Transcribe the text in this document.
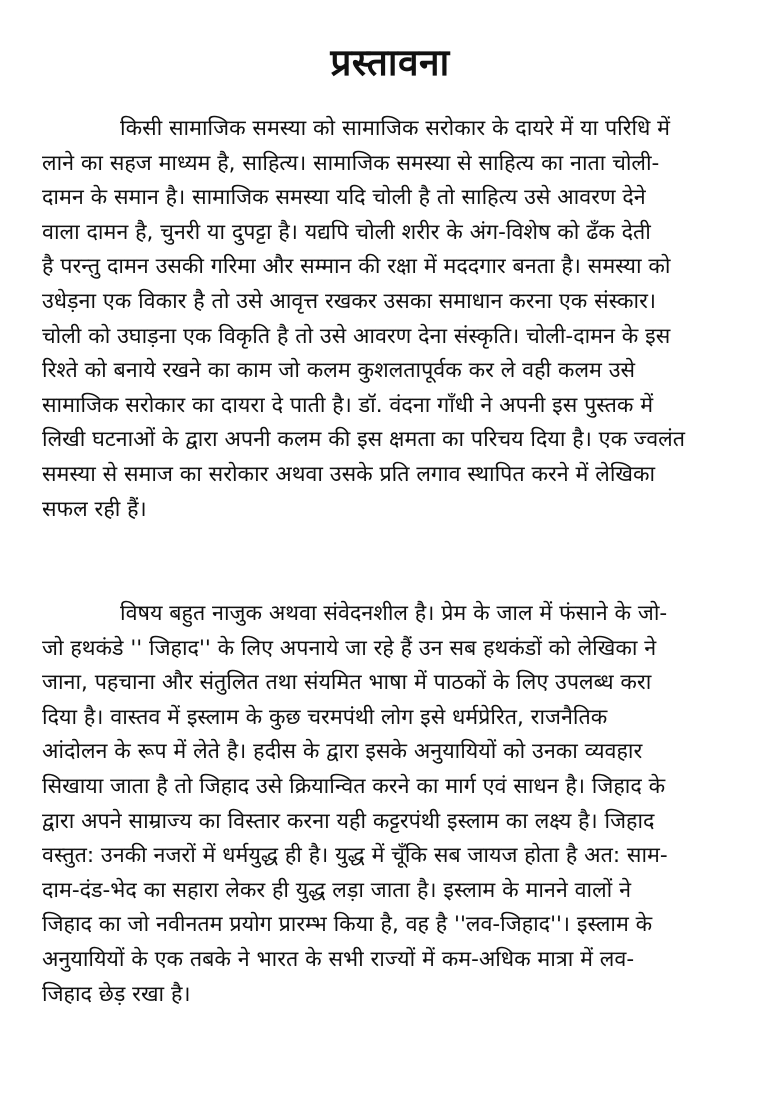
प्रस्तावना

किसी सामाजिक समस्या को सामाजिक सरोकार के दायरे में या परिधि में
लाने का सहज माध्यम है, साहित्य। सामाजिक समस्या से साहित्य का नाता चोली-
दामन के समान है। सामाजिक समस्या यदि चोली है तो साहित्य उसे आवरण देने
वाला दामन है, चुनरी या दुपट्टा है। यद्यपि चोली शरीर के अंग-विशेष को ढँक देती
है परन्तु दामन उसकी गरिमा और सम्मान की रक्षा में मददगार बनता है। समस्या को
उधेड़ना एक विकार है तो उसे आवृत्त रखकर उसका समाधान करना एक संस्कार।
चोली को उघाड़ना एक विकृति है तो उसे आवरण देना संस्कृति। चोली-दामन के इस
रिश्ते को बनाये रखने का काम जो कलम कुशलतापूर्वक कर ले वही कलम उसे
सामाजिक सरोकार का दायरा दे पाती है। डॉ. वंदना गाँधी ने अपनी इस पुस्तक में
लिखी घटनाओं के द्वारा अपनी कलम की इस क्षमता का परिचय दिया है। एक ज्वलंत
समस्या से समाज का सरोकार अथवा उसके प्रति लगाव स्थापित करने में लेखिका
सफल रही हैं।

विषय बहुत नाजुक अथवा संवेदनशील है। प्रेम के जाल में फंसाने के जो-
जो हथकंडे '' जिहाद'' के लिए अपनाये जा रहे हैं उन सब हथकंडों को लेखिका ने
जाना, पहचाना और संतुलित तथा संयमित भाषा में पाठकों के लिए उपलब्ध करा
दिया है। वास्तव में इस्लाम के कुछ चरमपंथी लोग इसे धर्मप्रेरित, राजनैतिक
आंदोलन के रूप में लेते है। हदीस के द्वारा इसके अनुयायियों को उनका व्यवहार
सिखाया जाता है तो जिहाद उसे क्रियान्वित करने का मार्ग एवं साधन है। जिहाद के
द्वारा अपने साम्राज्य का विस्तार करना यही कट्टरपंथी इस्लाम का लक्ष्य है। जिहाद
वस्तुत: उनकी नजरों में धर्मयुद्ध ही है। युद्ध में चूँकि सब जायज होता है अत: साम-
दाम-दंड-भेद का सहारा लेकर ही युद्ध लड़ा जाता है। इस्लाम के मानने वालों ने
जिहाद का जो नवीनतम प्रयोग प्रारम्भ किया है, वह है ''लव-जिहाद''। इस्लाम के
अनुयायियों के एक तबके ने भारत के सभी राज्यों में कम-अधिक मात्रा में लव-
जिहाद छेड़ रखा है।
